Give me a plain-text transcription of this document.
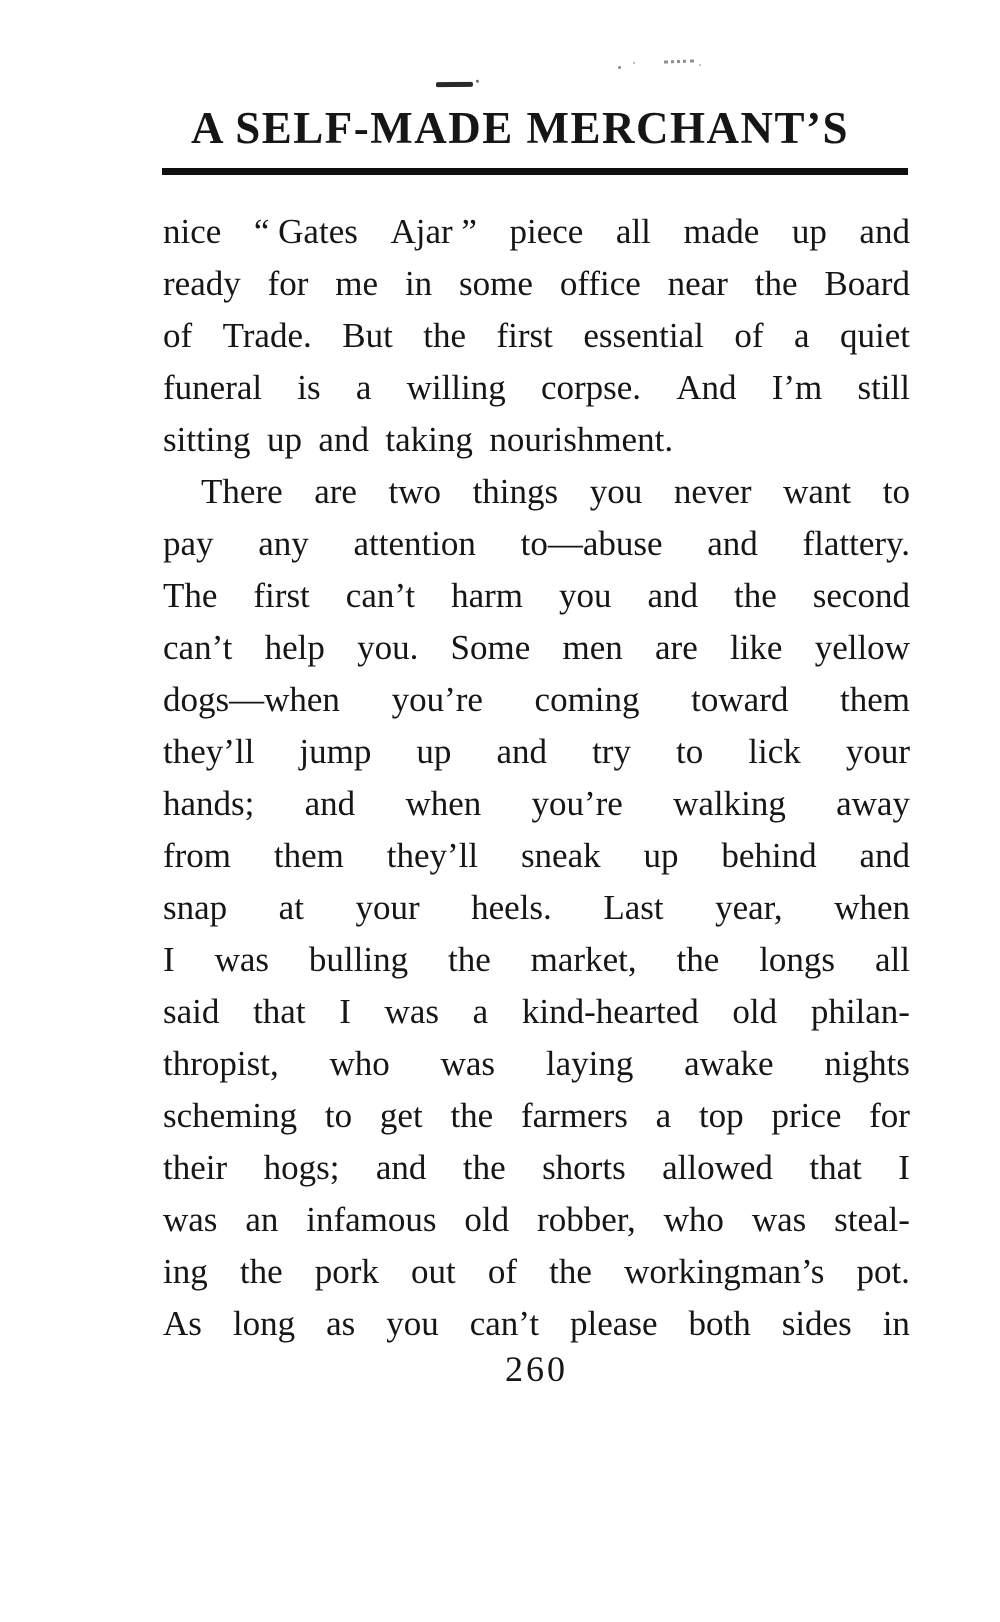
A SELF-MADE MERCHANT’S
nice “ Gates Ajar ” piece all made up and
ready for me in some office near the Board
of Trade. But the first essential of a quiet
funeral is a willing corpse. And I’m still
sitting up and taking nourishment.
There are two things you never want to
pay any attention to—abuse and flattery.
The first can’t harm you and the second
can’t help you. Some men are like yellow
dogs—when you’re coming toward them
they’ll jump up and try to lick your
hands; and when you’re walking away
from them they’ll sneak up behind and
snap at your heels. Last year, when
I was bulling the market, the longs all
said that I was a kind-hearted old philan-
thropist, who was laying awake nights
scheming to get the farmers a top price for
their hogs; and the shorts allowed that I
was an infamous old robber, who was steal-
ing the pork out of the workingman’s pot.
As long as you can’t please both sides in
260
